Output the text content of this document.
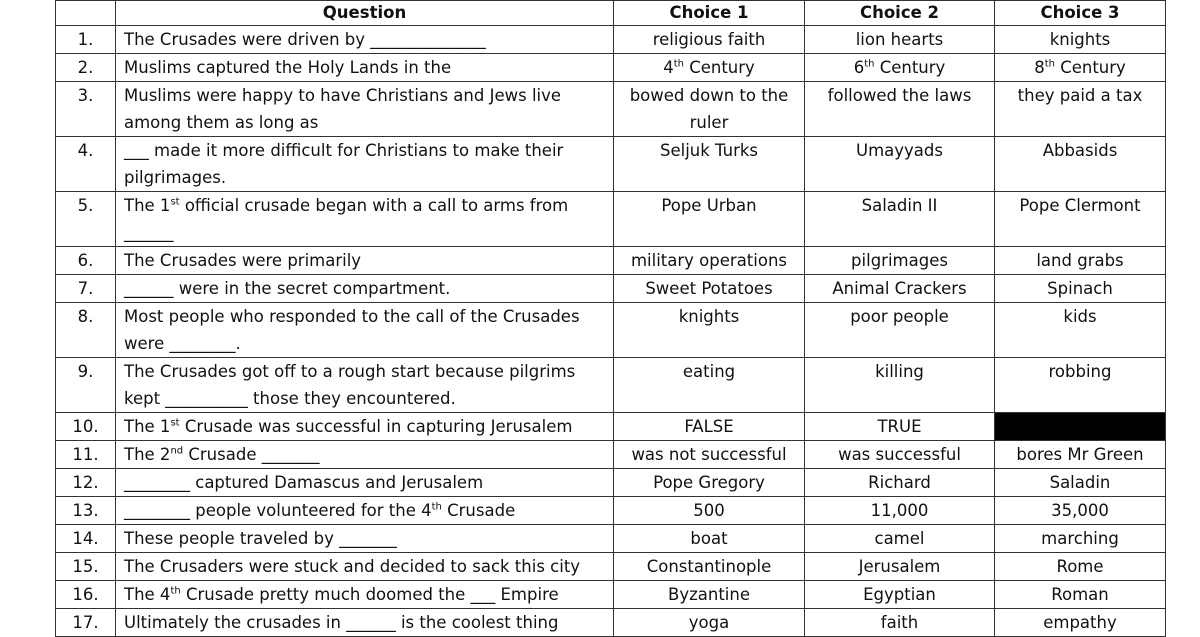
	Question	Choice 1	Choice 2	Choice 3
1.	The Crusades were driven by ______________	religious faith	lion hearts	knights
2.	Muslims captured the Holy Lands in the	4th Century	6th Century	8th Century
3.	Muslims were happy to have Christians and Jews live among them as long as	bowed down to the ruler	followed the laws	they paid a tax
4.	___ made it more difficult for Christians to make their pilgrimages.	Seljuk Turks	Umayyads	Abbasids
5.	The 1st official crusade began with a call to arms from ______	Pope Urban	Saladin II	Pope Clermont
6.	The Crusades were primarily	military operations	pilgrimages	land grabs
7.	______ were in the secret compartment.	Sweet Potatoes	Animal Crackers	Spinach
8.	Most people who responded to the call of the Crusades were ________.	knights	poor people	kids
9.	The Crusades got off to a rough start because pilgrims kept __________ those they encountered.	eating	killing	robbing
10.	The 1st Crusade was successful in capturing Jerusalem	FALSE	TRUE	
11.	The 2nd Crusade _______	was not successful	was successful	bores Mr Green
12.	________ captured Damascus and Jerusalem	Pope Gregory	Richard	Saladin
13.	________ people volunteered for the 4th Crusade	500	11,000	35,000
14.	These people traveled by _______	boat	camel	marching
15.	The Crusaders were stuck and decided to sack this city	Constantinople	Jerusalem	Rome
16.	The 4th Crusade pretty much doomed the ___ Empire	Byzantine	Egyptian	Roman
17.	Ultimately the crusades in ______ is the coolest thing	yoga	faith	empathy
